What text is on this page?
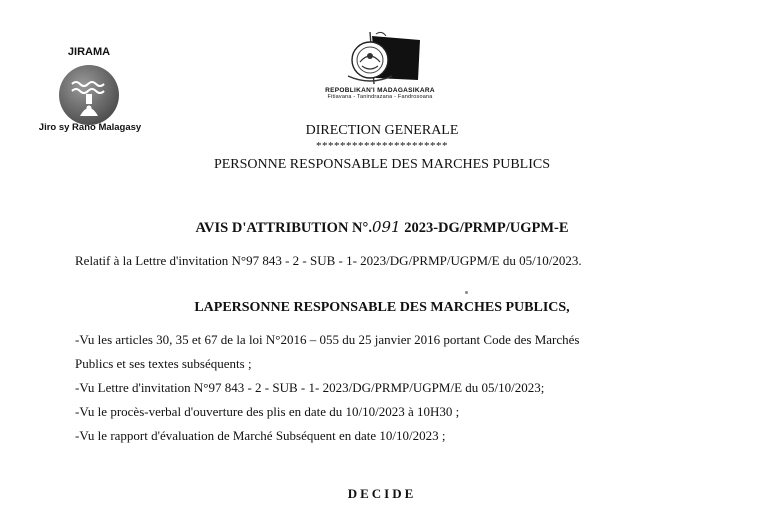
JIRAMA
Jiro sy Rano Malagasy
REPOBLIKAN'I MADAGASIKARA
Fitiavana - Tanindrazana - Fandrosoana
DIRECTION GENERALE
**********************
PERSONNE RESPONSABLE DES MARCHES PUBLICS
AVIS D'ATTRIBUTION N°.091 2023-DG/PRMP/UGPM-E
Relatif à la Lettre d'invitation N°97 843 - 2 - SUB - 1- 2023/DG/PRMP/UGPM/E du 05/10/2023.
LAPERSONNE RESPONSABLE DES MARCHES PUBLICS,
-Vu les articles 30, 35 et 67 de la loi N°2016 – 055 du 25 janvier 2016 portant Code des Marchés
Publics et ses textes subséquents ;
-Vu Lettre d'invitation N°97 843 - 2 - SUB - 1- 2023/DG/PRMP/UGPM/E du 05/10/2023;
-Vu le procès-verbal d'ouverture des plis en date du 10/10/2023 à 10H30 ;
-Vu le rapport d'évaluation de Marché Subséquent en date 10/10/2023 ;
DECIDE
